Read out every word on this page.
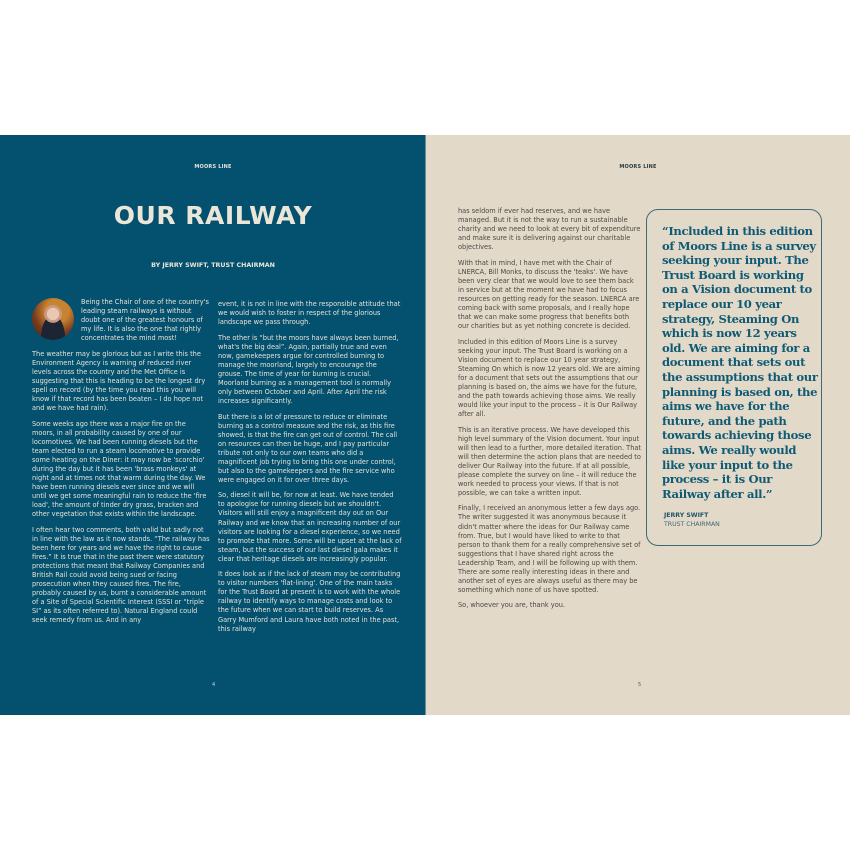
MOORS LINE
OUR RAILWAY
BY JERRY SWIFT, TRUST CHAIRMAN

Being the Chair of one of the country's leading steam railways is without doubt one of the greatest honours of my life. It is also the one that rightly concentrates the mind most!

The weather may be glorious but as I write this the Environment Agency is warning of reduced river levels across the country and the Met Office is suggesting that this is heading to be the longest dry spell on record (by the time you read this you will know if that record has been beaten – I do hope not and we have had rain).

Some weeks ago there was a major fire on the moors, in all probability caused by one of our locomotives. We had been running diesels but the team elected to run a steam locomotive to provide some heating on the Diner: it may now be 'scorchio' during the day but it has been 'brass monkeys' at night and at times not that warm during the day. We have been running diesels ever since and we will until we get some meaningful rain to reduce the 'fire load', the amount of tinder dry grass, bracken and other vegetation that exists within the landscape.

I often hear two comments, both valid but sadly not in line with the law as it now stands. “The railway has been here for years and we have the right to cause fires.” It is true that in the past there were statutory protections that meant that Railway Companies and British Rail could avoid being sued or facing prosecution when they caused fires. The fire, probably caused by us, burnt a considerable amount of a Site of Special Scientific Interest (SSSI or “triple SI” as its often referred to). Natural England could seek remedy from us. And in any

event, it is not in line with the responsible attitude that we would wish to foster in respect of the glorious landscape we pass through.

The other is “but the moors have always been burned, what's the big deal”. Again, partially true and even now, gamekeepers argue for controlled burning to manage the moorland, largely to encourage the grouse. The time of year for burning is crucial. Moorland burning as a management tool is normally only between October and April. After April the risk increases significantly.

But there is a lot of pressure to reduce or eliminate burning as a control measure and the risk, as this fire showed, is that the fire can get out of control. The call on resources can then be huge, and I pay particular tribute not only to our own teams who did a magnificent job trying to bring this one under control, but also to the gamekeepers and the fire service who were engaged on it for over three days.

So, diesel it will be, for now at least. We have tended to apologise for running diesels but we shouldn't. Visitors will still enjoy a magnificent day out on Our Railway and we know that an increasing number of our visitors are looking for a diesel experience, so we need to promote that more. Some will be upset at the lack of steam, but the success of our last diesel gala makes it clear that heritage diesels are increasingly popular.

It does look as if the lack of steam may be contributing to visitor numbers 'flat-lining'. One of the main tasks for the Trust Board at present is to work with the whole railway to identify ways to manage costs and look to the future when we can start to build reserves. As Garry Mumford and Laura have both noted in the past, this railway

4
MOORS LINE

has seldom if ever had reserves, and we have managed. But it is not the way to run a sustainable charity and we need to look at every bit of expenditure and make sure it is delivering against our charitable objectives.

With that in mind, I have met with the Chair of LNERCA, Bill Monks, to discuss the 'teaks'. We have been very clear that we would love to see them back in service but at the moment we have had to focus resources on getting ready for the season. LNERCA are coming back with some proposals, and I really hope that we can make some progress that benefits both our charities but as yet nothing concrete is decided.

Included in this edition of Moors Line is a survey seeking your input. The Trust Board is working on a Vision document to replace our 10 year strategy, Steaming On which is now 12 years old. We are aiming for a document that sets out the assumptions that our planning is based on, the aims we have for the future, and the path towards achieving those aims. We really would like your input to the process – it is Our Railway after all.

This is an iterative process. We have developed this high level summary of the Vision document. Your input will then lead to a further, more detailed iteration. That will then determine the action plans that are needed to deliver Our Railway into the future. If at all possible, please complete the survey on line – it will reduce the work needed to process your views. If that is not possible, we can take a written input.

Finally, I received an anonymous letter a few days ago. The writer suggested it was anonymous because it didn't matter where the ideas for Our Railway came from. True, but I would have liked to write to that person to thank them for a really comprehensive set of suggestions that I have shared right across the Leadership Team, and I will be following up with them. There are some really interesting ideas in there and another set of eyes are always useful as there may be something which none of us have spotted.

So, whoever you are, thank you.

“Included in this edition of Moors Line is a survey seeking your input. The Trust Board is working on a Vision document to replace our 10 year strategy, Steaming On which is now 12 years old. We are aiming for a document that sets out the assumptions that our planning is based on, the aims we have for the future, and the path towards achieving those aims. We really would like your input to the process – it is Our Railway after all.”
JERRY SWIFT
TRUST CHAIRMAN
5
